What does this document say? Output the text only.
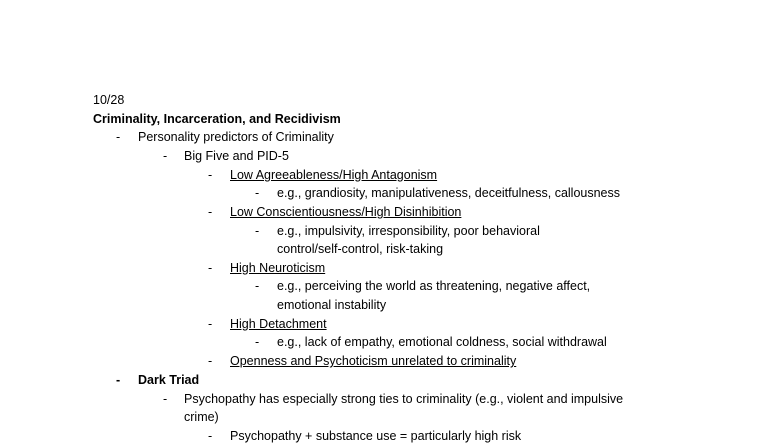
10/28
Criminality, Incarceration, and Recidivism
- Personality predictors of Criminality
- Big Five and PID-5
- Low Agreeableness/High Antagonism
- e.g., grandiosity, manipulativeness, deceitfulness, callousness
- Low Conscientiousness/High Disinhibition
- e.g., impulsivity, irresponsibility, poor behavioral
control/self-control, risk-taking
- High Neuroticism
- e.g., perceiving the world as threatening, negative affect,
emotional instability
- High Detachment
- e.g., lack of empathy, emotional coldness, social withdrawal
- Openness and Psychoticism unrelated to criminality
- Dark Triad
- Psychopathy has especially strong ties to criminality (e.g., violent and impulsive
crime)
- Psychopathy + substance use = particularly high risk
